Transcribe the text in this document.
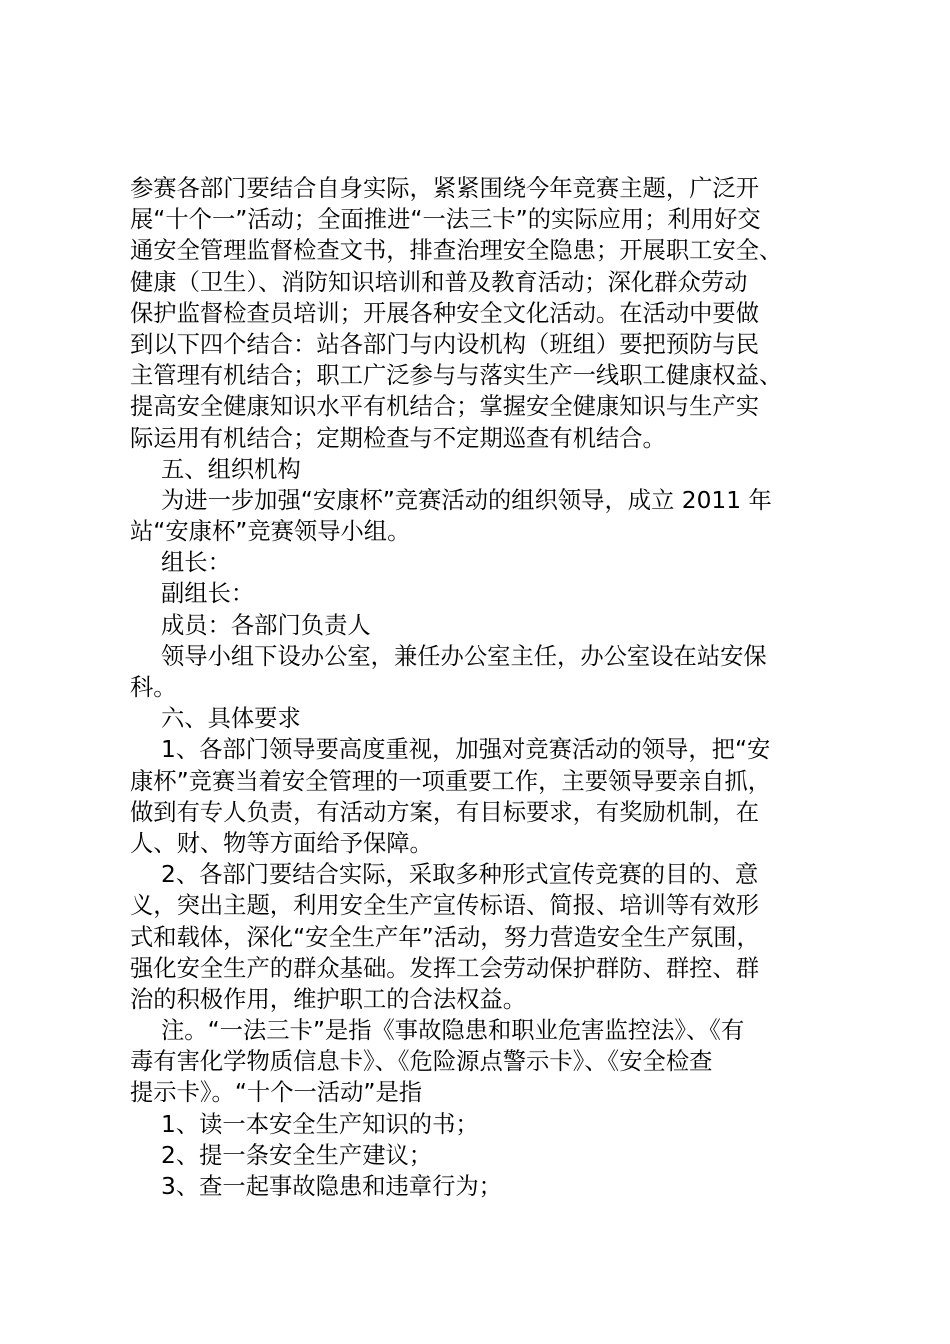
参赛各部门要结合自身实际，紧紧围绕今年竞赛主题，广泛开
展“十个一”活动；全面推进“一法三卡”的实际应用；利用好交
通安全管理监督检查文书，排查治理安全隐患；开展职工安全、
健康（卫生）、消防知识培训和普及教育活动；深化群众劳动
保护监督检查员培训；开展各种安全文化活动。在活动中要做
到以下四个结合：站各部门与内设机构（班组）要把预防与民
主管理有机结合；职工广泛参与与落实生产一线职工健康权益、
提高安全健康知识水平有机结合；掌握安全健康知识与生产实
际运用有机结合；定期检查与不定期巡查有机结合。
五、组织机构
为进一步加强“安康杯”竞赛活动的组织领导，成立 2011 年
站“安康杯”竞赛领导小组。
组长：
副组长：
成员：各部门负责人
领导小组下设办公室，兼任办公室主任，办公室设在站安保
科。
六、具体要求
1、各部门领导要高度重视，加强对竞赛活动的领导，把“安
康杯”竞赛当着安全管理的一项重要工作，主要领导要亲自抓，
做到有专人负责，有活动方案，有目标要求，有奖励机制，在
人、财、物等方面给予保障。
2、各部门要结合实际，采取多种形式宣传竞赛的目的、意
义，突出主题，利用安全生产宣传标语、简报、培训等有效形
式和载体，深化“安全生产年”活动，努力营造安全生产氛围，
强化安全生产的群众基础。发挥工会劳动保护群防、群控、群
治的积极作用，维护职工的合法权益。
注。“一法三卡”是指《事故隐患和职业危害监控法》、《有
毒有害化学物质信息卡》、《危险源点警示卡》、《安全检查
提示卡》。“十个一活动”是指
1、读一本安全生产知识的书；
2、提一条安全生产建议；
3、查一起事故隐患和违章行为；
